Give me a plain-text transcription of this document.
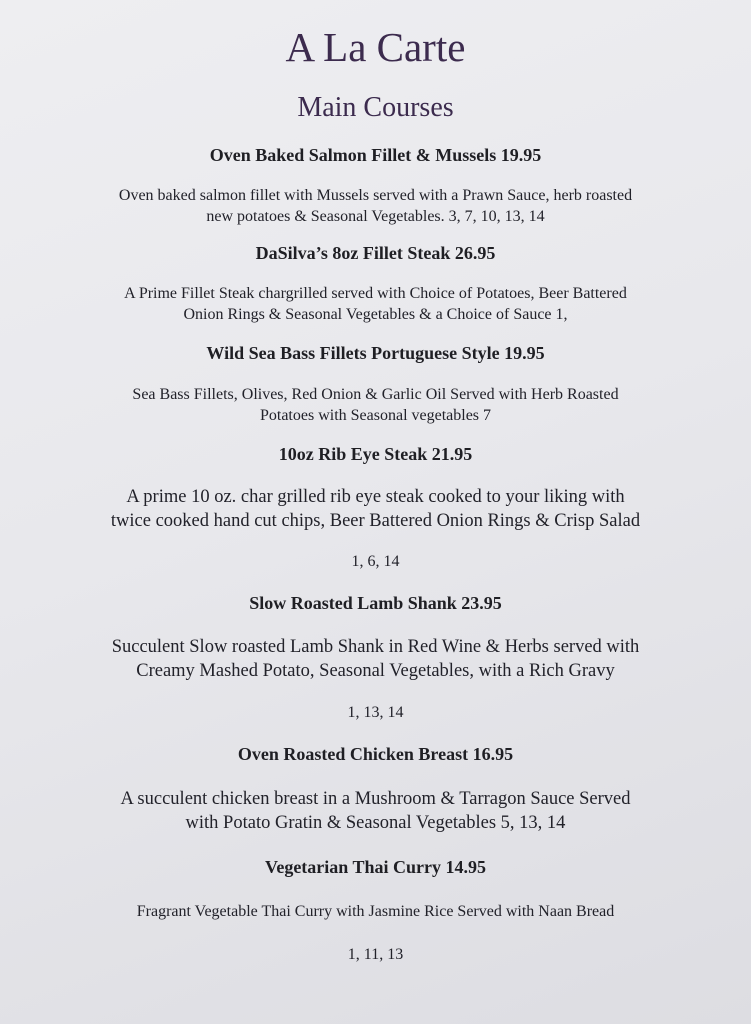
A La Carte
Main Courses
Oven Baked Salmon Fillet & Mussels 19.95
Oven baked salmon fillet with Mussels served with a Prawn Sauce, herb roasted
new potatoes & Seasonal Vegetables. 3, 7, 10, 13, 14
DaSilva’s 8oz Fillet Steak 26.95
A Prime Fillet Steak chargrilled served with Choice of Potatoes, Beer Battered
Onion Rings & Seasonal Vegetables & a Choice of Sauce 1,
Wild Sea Bass Fillets Portuguese Style 19.95
Sea Bass Fillets, Olives, Red Onion & Garlic Oil Served with Herb Roasted
Potatoes with Seasonal vegetables 7
10oz Rib Eye Steak 21.95
A prime 10 oz. char grilled rib eye steak cooked to your liking with
twice cooked hand cut chips, Beer Battered Onion Rings & Crisp Salad
1, 6, 14
Slow Roasted Lamb Shank 23.95
Succulent Slow roasted Lamb Shank in Red Wine & Herbs served with
Creamy Mashed Potato, Seasonal Vegetables, with a Rich Gravy
1, 13, 14
Oven Roasted Chicken Breast 16.95
A succulent chicken breast in a Mushroom & Tarragon Sauce Served
with Potato Gratin & Seasonal Vegetables 5, 13, 14
Vegetarian Thai Curry 14.95
Fragrant Vegetable Thai Curry with Jasmine Rice Served with Naan Bread
1, 11, 13
